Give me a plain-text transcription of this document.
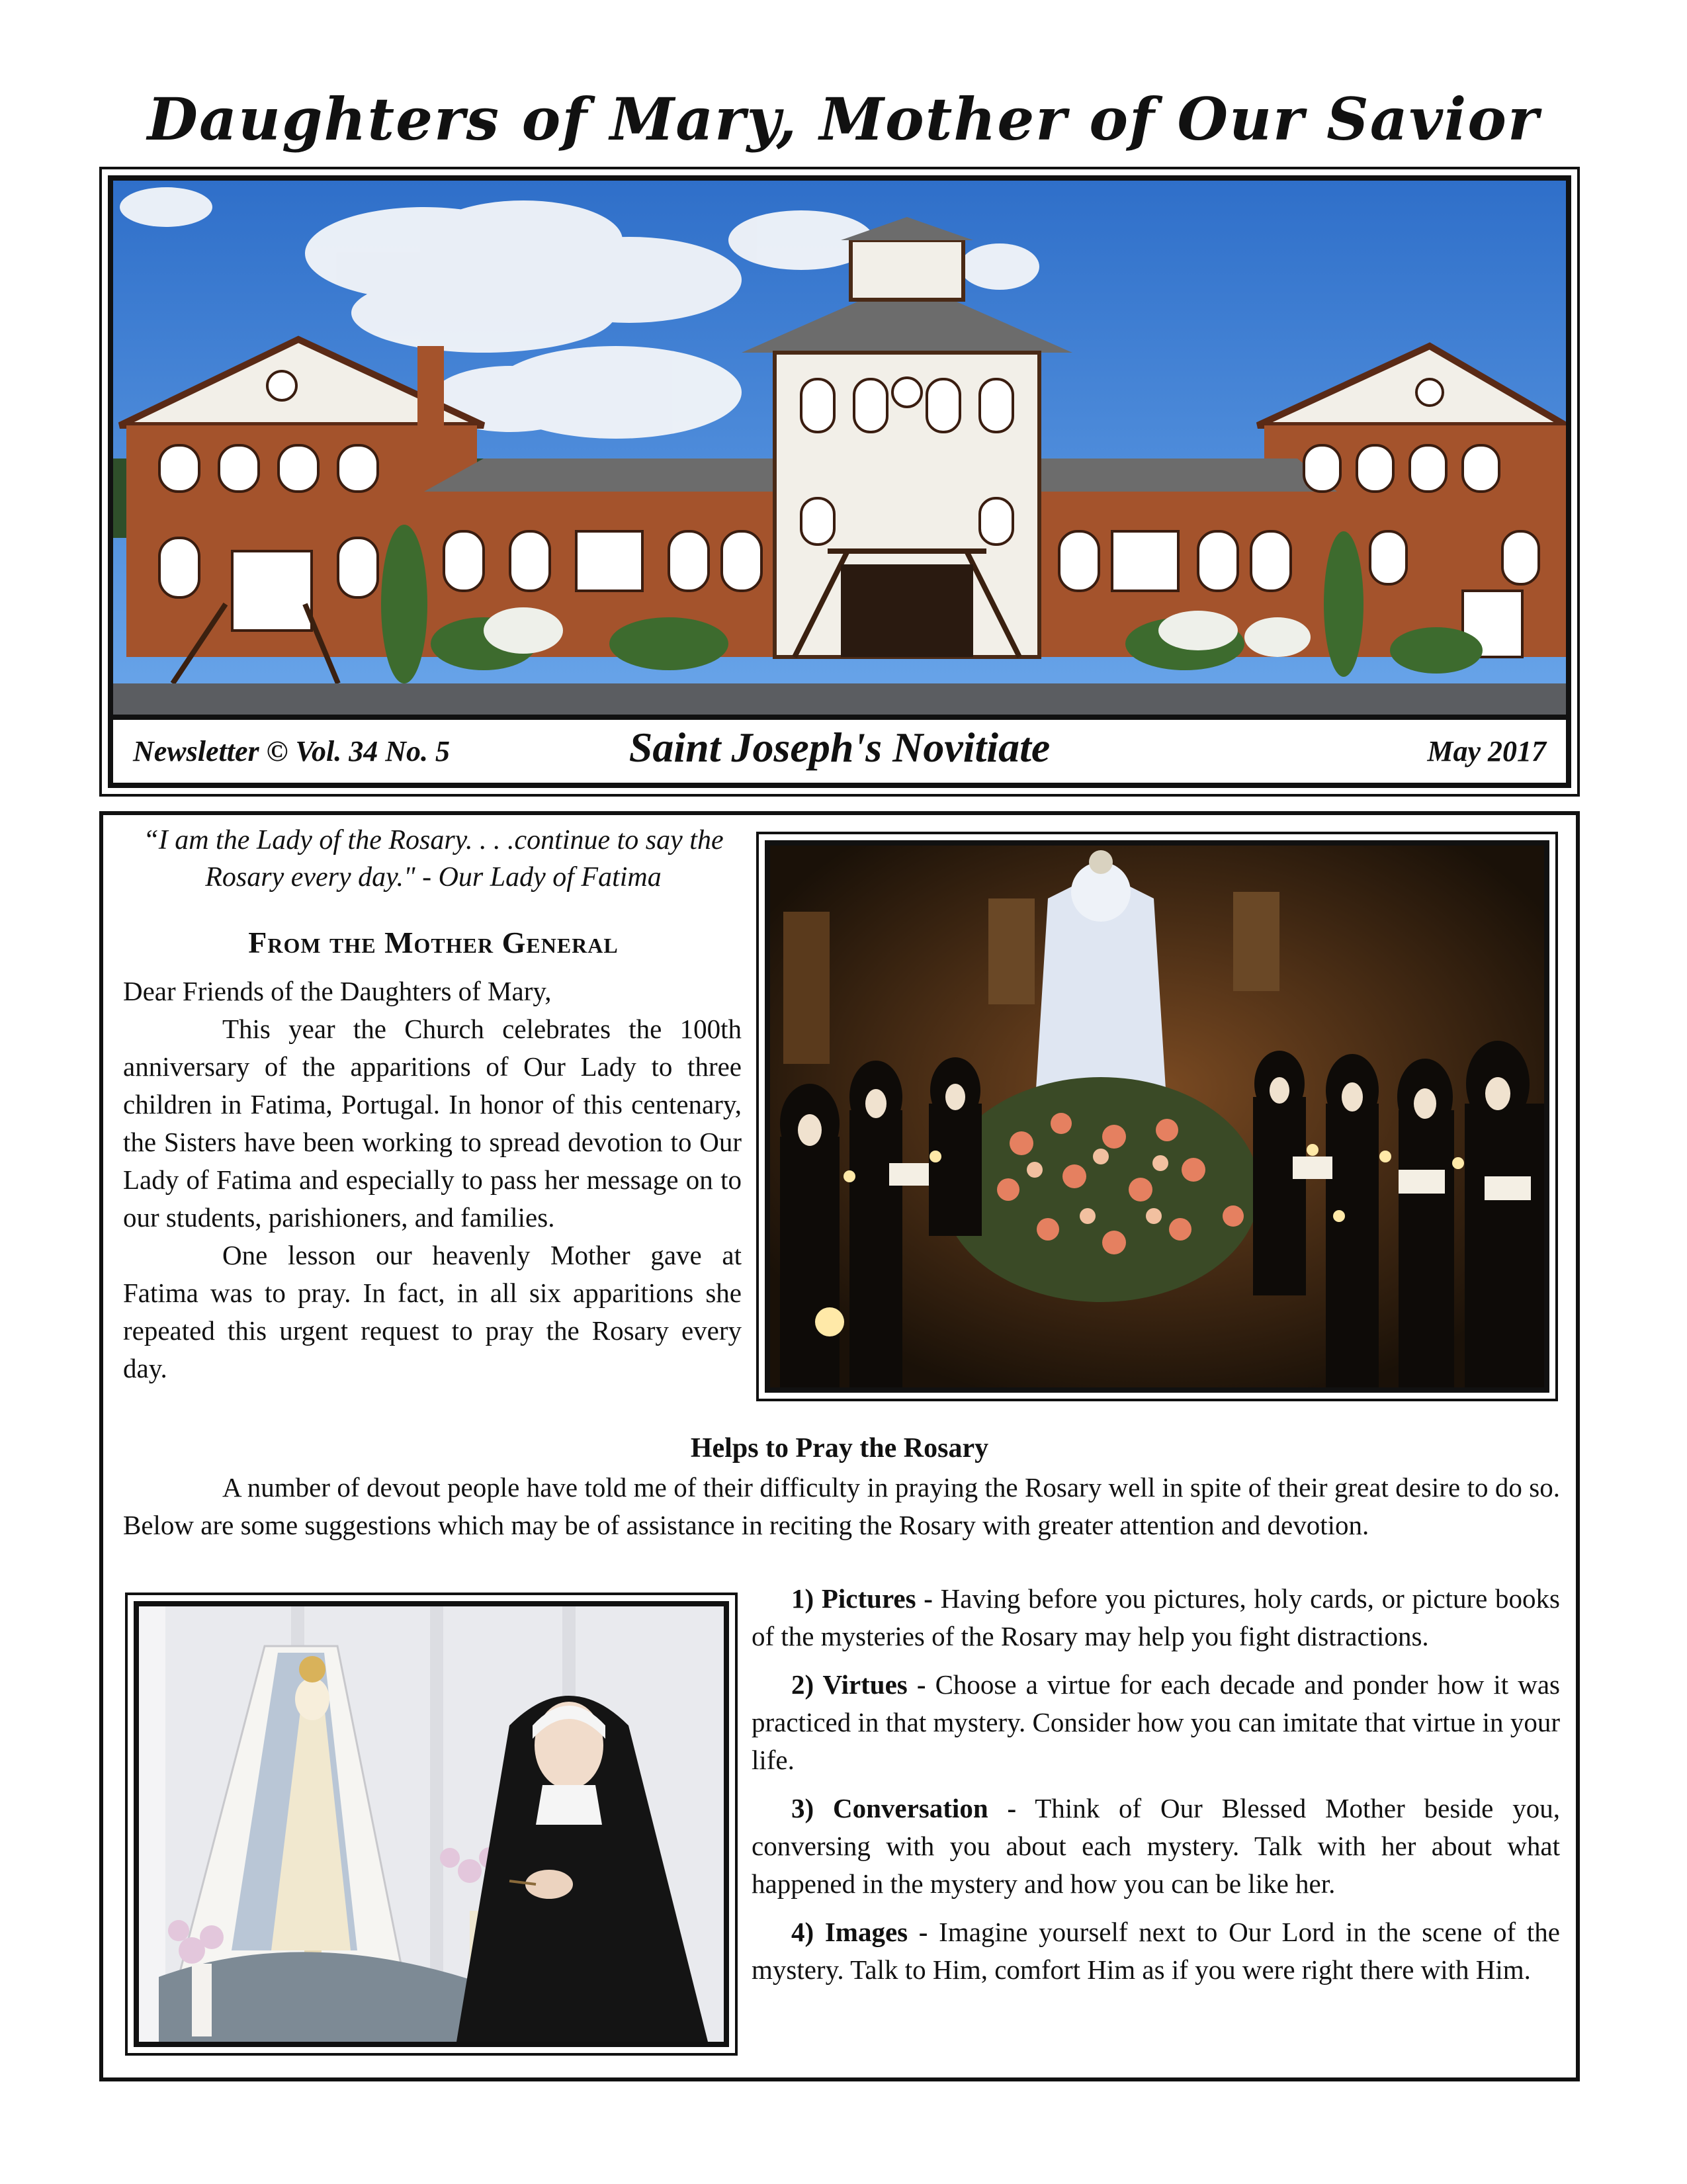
Daughters of Mary, Mother of Our Savior
Newsletter © Vol. 34 No. 5	Saint Joseph's Novitiate	May 2017
“I am the Lady of the Rosary. . . .continue to say the Rosary every day." - Our Lady of Fatima
From the Mother General

Dear Friends of the Daughters of Mary,

This year the Church celebrates the 100th anniversary of the apparitions of Our Lady to three children in Fatima, Portugal. In honor of this centenary, the Sisters have been working to spread devotion to Our Lady of Fatima and especially to pass her message on to our students, parishioners, and families.

One lesson our heavenly Mother gave at Fatima was to pray. In fact, in all six apparitions she repeated this urgent request to pray the Rosary every day.

Helps to Pray the Rosary

A number of devout people have told me of their difficulty in praying the Rosary well in spite of their great desire to do so. Below are some suggestions which may be of assistance in reciting the Rosary with greater attention and devotion.

1) Pictures - Having before you pictures, holy cards, or picture books of the mysteries of the Rosary may help you fight distractions.

2) Virtues - Choose a virtue for each decade and ponder how it was practiced in that mystery. Consider how you can imitate that virtue in your life.

3) Conversation - Think of Our Blessed Mother beside you, conversing with you about each mystery. Talk with her about what happened in the mystery and how you can be like her.

4) Images - Imagine yourself next to Our Lord in the scene of the mystery. Talk to Him, comfort Him as if you were right there with Him.
